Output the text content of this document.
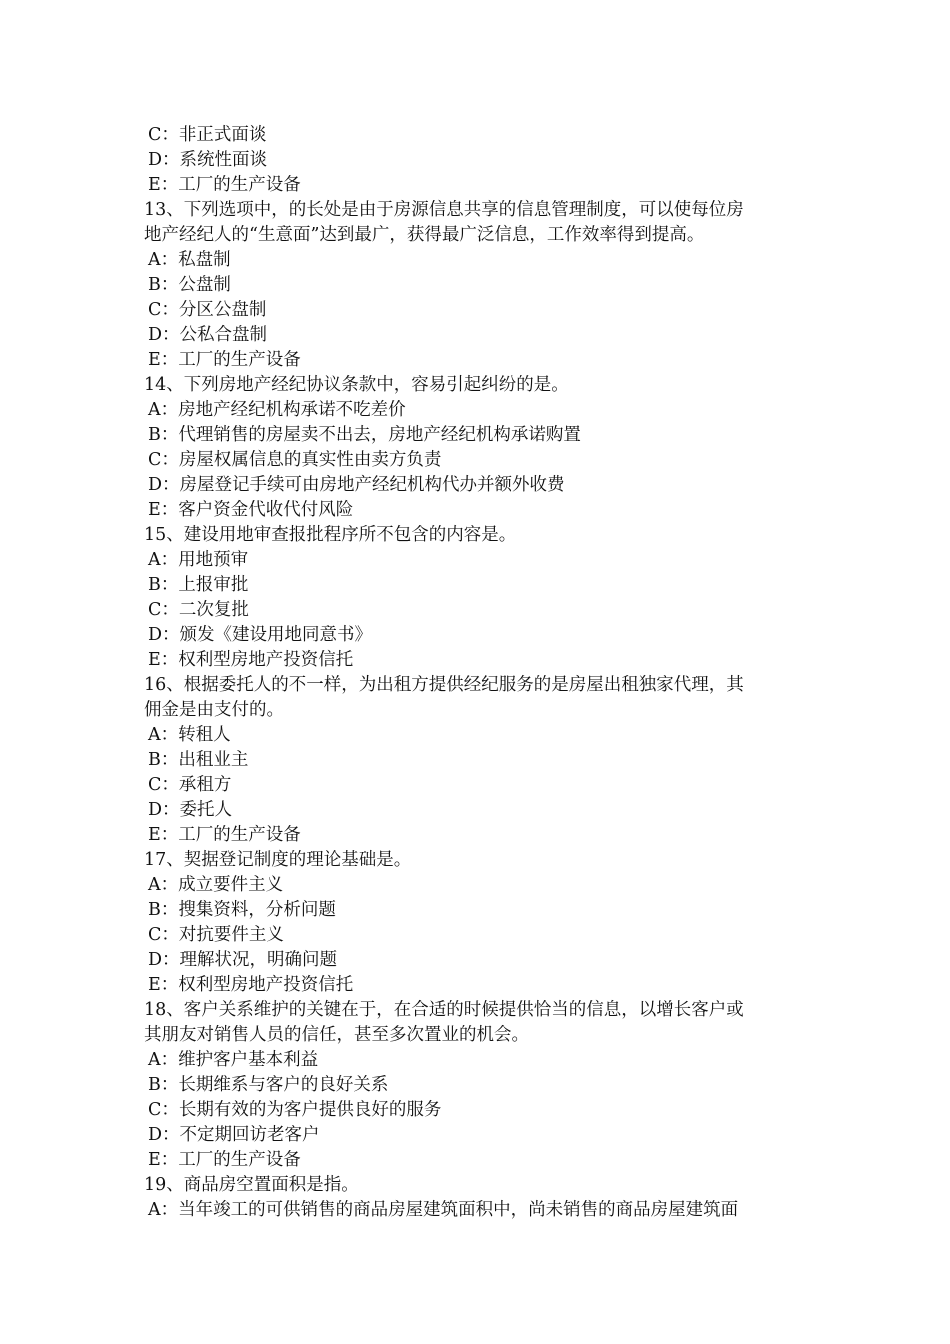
C：非正式面谈
D：系统性面谈
E：工厂的生产设备
13、下列选项中，的长处是由于房源信息共享的信息管理制度，可以使每位房
地产经纪人的“生意面”达到最广，获得最广泛信息，工作效率得到提高。
A：私盘制
B：公盘制
C：分区公盘制
D：公私合盘制
E：工厂的生产设备
14、下列房地产经纪协议条款中，容易引起纠纷的是。
A：房地产经纪机构承诺不吃差价
B：代理销售的房屋卖不出去，房地产经纪机构承诺购置
C：房屋权属信息的真实性由卖方负责
D：房屋登记手续可由房地产经纪机构代办并额外收费
E：客户资金代收代付风险
15、建设用地审查报批程序所不包含的内容是。
A：用地预审
B：上报审批
C：二次复批
D：颁发《建设用地同意书》
E：权利型房地产投资信托
16、根据委托人的不一样，为出租方提供经纪服务的是房屋出租独家代理，其
佣金是由支付的。
A：转租人
B：出租业主
C：承租方
D：委托人
E：工厂的生产设备
17、契据登记制度的理论基础是。
A：成立要件主义
B：搜集资料，分析问题
C：对抗要件主义
D：理解状况，明确问题
E：权利型房地产投资信托
18、客户关系维护的关键在于，在合适的时候提供恰当的信息，以增长客户或
其朋友对销售人员的信任，甚至多次置业的机会。
A：维护客户基本利益
B：长期维系与客户的良好关系
C：长期有效的为客户提供良好的服务
D：不定期回访老客户
E：工厂的生产设备
19、商品房空置面积是指。
A：当年竣工的可供销售的商品房屋建筑面积中，尚未销售的商品房屋建筑面
